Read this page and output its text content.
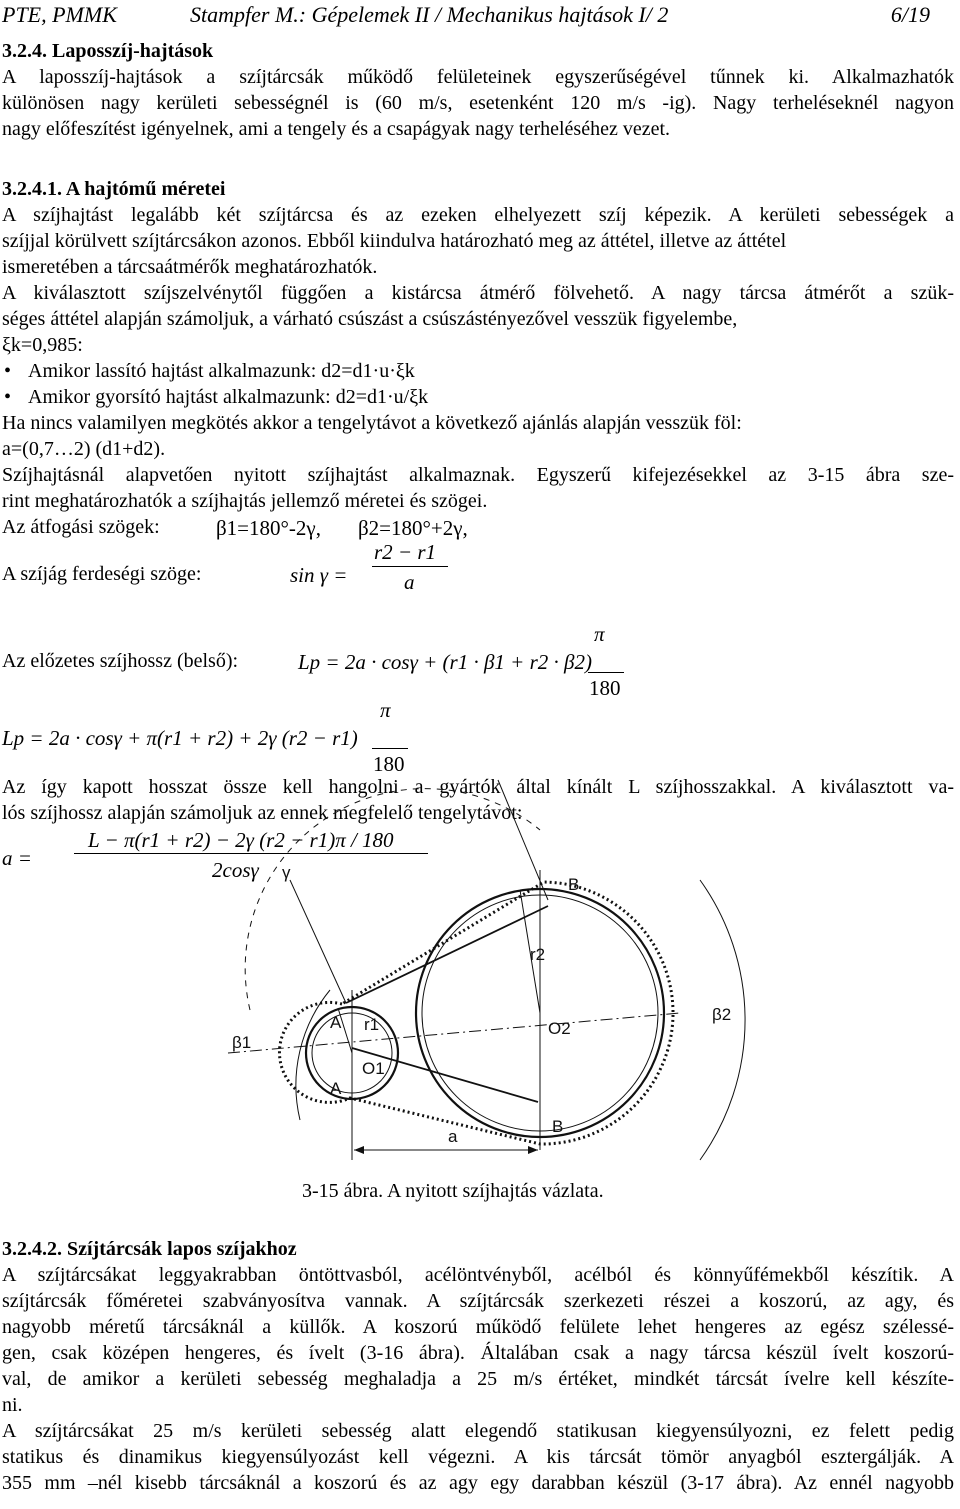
PTE, PMMK	Stampfer M.: Gépelemek II / Mechanikus hajtások I/ 2	6/19
3.2.4. Laposszíj-hajtások
A laposszíj-hajtások a szíjtárcsák működő felületeinek egyszerűségével tűnnek ki. Alkalmazhatók
különösen nagy kerületi sebességnél is (60 m/s, esetenként 120 m/s -ig). Nagy terheléseknél nagyon
nagy előfeszítést igényelnek, ami a tengely és a csapágyak nagy terheléséhez vezet.
3.2.4.1. A hajtómű méretei
A szíjhajtást legalább két szíjtárcsa és az ezeken elhelyezett szíj képezik. A kerületi sebességek a
szíjjal körülvett szíjtárcsákon azonos. Ebből kiindulva határozható meg az áttétel, illetve az áttétel
ismeretében a tárcsaátmérők meghatározhatók.
A kiválasztott szíjszelvénytől függően a kistárcsa átmérő fölvehető. A nagy tárcsa átmérőt a szük-
séges áttétel alapján számoljuk, a várható csúszást a csúszástényezővel vesszük figyelembe,
ξk=0,985:
• Amikor lassító hajtást alkalmazunk: d2=d1·u·ξk
• Amikor gyorsító hajtást alkalmazunk: d2=d1·u/ξk
Ha nincs valamilyen megkötés akkor a tengelytávot a következő ajánlás alapján vesszük föl:
a=(0,7…2) (d1+d2).
Szíjhajtásnál alapvetően nyitott szíjhajtást alkalmaznak. Egyszerű kifejezésekkel az 3-15 ábra sze-
rint meghatározhatók a szíjhajtás jellemző méretei és szögei.
Az átfogási szögek:	β1=180°-2γ, β2=180°+2γ,
A szíjág ferdeségi szöge:	sin γ =
r2 − r1
a
π
Az előzetes szíjhossz (belső):	Lp = 2a · cosγ + (r1 · β1 + r2 · β2)
180
π
Lp = 2a · cosγ + π(r1 + r2) + 2γ (r2 − r1)
180
Az így kapott hosszat össze kell hangolni a gyártók által kínált L szíjhosszakkal. A kiválasztott va-
lós szíjhossz alapján számoljuk az ennek megfelelő tengelytávot:
L − π(r1 + r2) − 2γ (r2 − r1)π / 180
a =	2cosγ γ
B
β1
A r1
O1
A
r2
O2
β2
B
a
3-15 ábra. A nyitott szíjhajtás vázlata.
3.2.4.2. Szíjtárcsák lapos szíjakhoz
A szíjtárcsákat leggyakrabban öntöttvasból, acélöntvényből, acélból és könnyűfémekből készítik. A
szíjtárcsák főméretei szabványosítva vannak. A szíjtárcsák szerkezeti részei a koszorú, az agy, és
nagyobb méretű tárcsáknál a küllők. A koszorú működő felülete lehet hengeres az egész szélessé-
gen, csak középen hengeres, és ívelt (3-16 ábra). Általában csak a nagy tárcsa készül ívelt koszorú-
val, de amikor a kerületi sebesség meghaladja a 25 m/s értéket, mindkét tárcsát ívelre kell készíte-
ni.
A szíjtárcsákat 25 m/s kerületi sebesség alatt elegendő statikusan kiegyensúlyozni, ez felett pedig
statikus és dinamikus kiegyensúlyozást kell végezni. A kis tárcsát tömör anyagból esztergálják. A
355 mm –nél kisebb tárcsáknál a koszorú és az agy egy darabban készül (3-17 ábra). Az ennél nagyobb
